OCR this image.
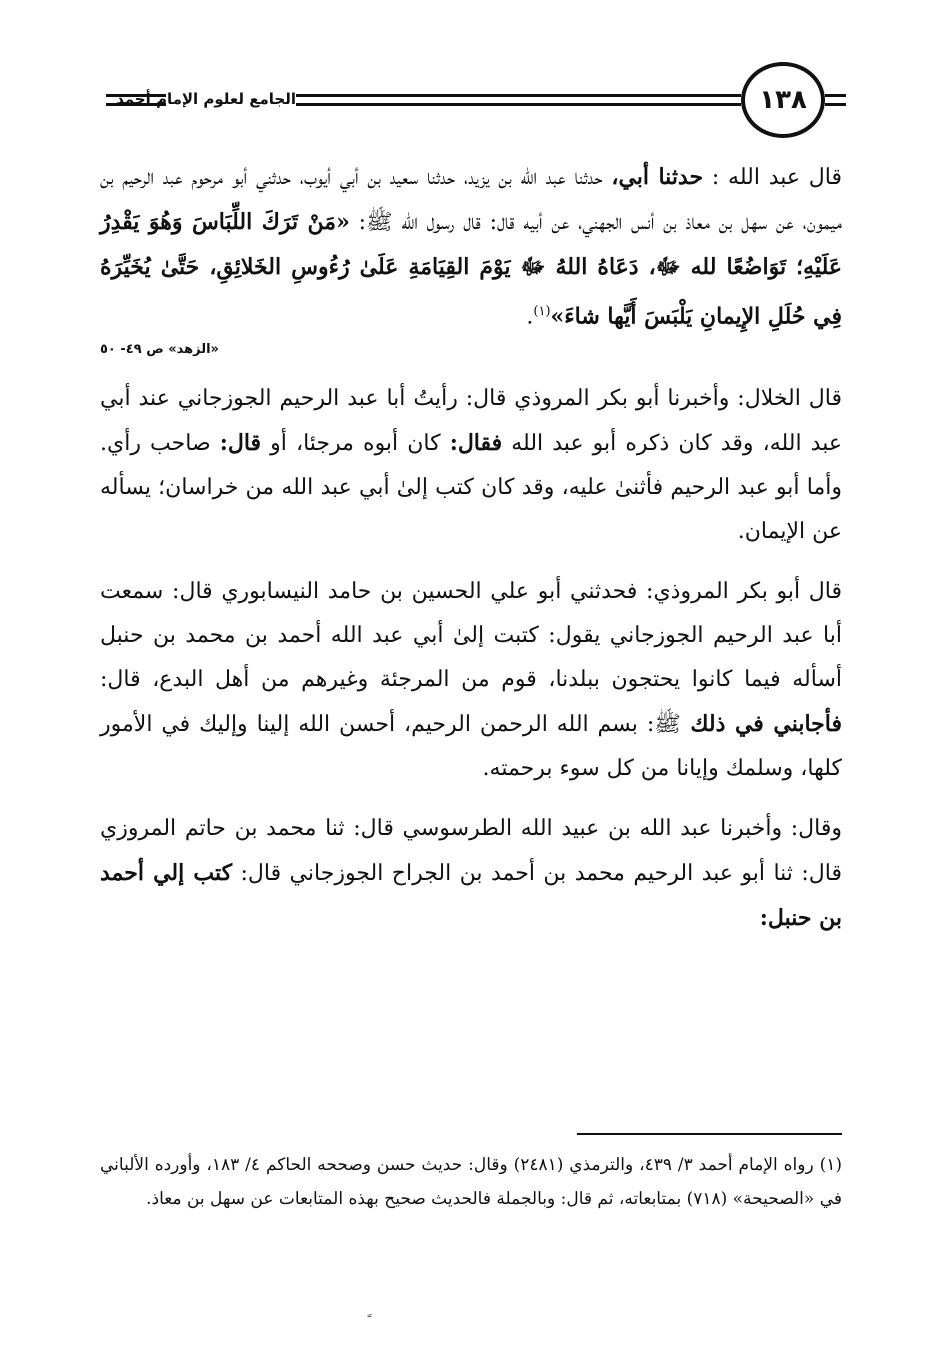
الجامع لعلوم الإمام أحمد	١٣٨

قال عبد الله : حدثنا أبي، حدثنا عبد الله بن يزيد، حدثنا سعيد بن أبي أيوب، حدثني أبو مرحوم عبد الرحيم بن ميمون، عن سهل بن معاذ بن أنس الجهني، عن أبيه قال: قال رسول الله ﷺ: «مَنْ تَرَكَ اللِّبَاسَ وَهُوَ يَقْدِرُ عَلَيْهِ؛ تَوَاضُعًا لله ﷻ، دَعَاهُ اللهُ ﷻ يَوْمَ القِيَامَةِ عَلَىٰ رُءُوسِ الخَلائِقِ، حَتَّىٰ يُخَيِّرَهُ فِي حُلَلِ الإِيمانِ يَلْبَسَ أَيَّها شاءَ»$^{(١)}$.

«الزهد» ص ٤٩- ٥٠

قال الخلال: وأخبرنا أبو بكر المروذي قال: رأيتُ أبا عبد الرحيم الجوزجاني عند أبي عبد الله، وقد كان ذكره أبو عبد الله فقال: كان أبوه مرجئا، أو قال: صاحب رأي. وأما أبو عبد الرحيم فأثنىٰ عليه، وقد كان كتب إلىٰ أبي عبد الله من خراسان؛ يسأله عن الإيمان.

قال أبو بكر المروذي: فحدثني أبو علي الحسين بن حامد النيسابوري قال: سمعت أبا عبد الرحيم الجوزجاني يقول: كتبت إلىٰ أبي عبد الله أحمد بن محمد بن حنبل أسأله فيما كانوا يحتجون ببلدنا، قوم من المرجئة وغيرهم من أهل البدع، قال: فأجابني في ذلك ﷺ: بسم الله الرحمن الرحيم، أحسن الله إلينا وإليك في الأمور كلها، وسلمك وإيانا من كل سوء برحمته.

وقال: وأخبرنا عبد الله بن عبيد الله الطرسوسي قال: ثنا محمد بن حاتم المروزي قال: ثنا أبو عبد الرحيم محمد بن أحمد بن الجراح الجوزجاني قال: كتب إلي أحمد بن حنبل:

(١) رواه الإمام أحمد ٣/ ٤٣٩، والترمذي (٢٤٨١) وقال: حديث حسن وصححه الحاكم ٤/ ١٨٣، وأورده الألباني في «الصحيحة» (٧١٨) بمتابعاته، ثم قال: وبالجملة فالحديث صحيح بهذه المتابعات عن سهل بن معاذ.
